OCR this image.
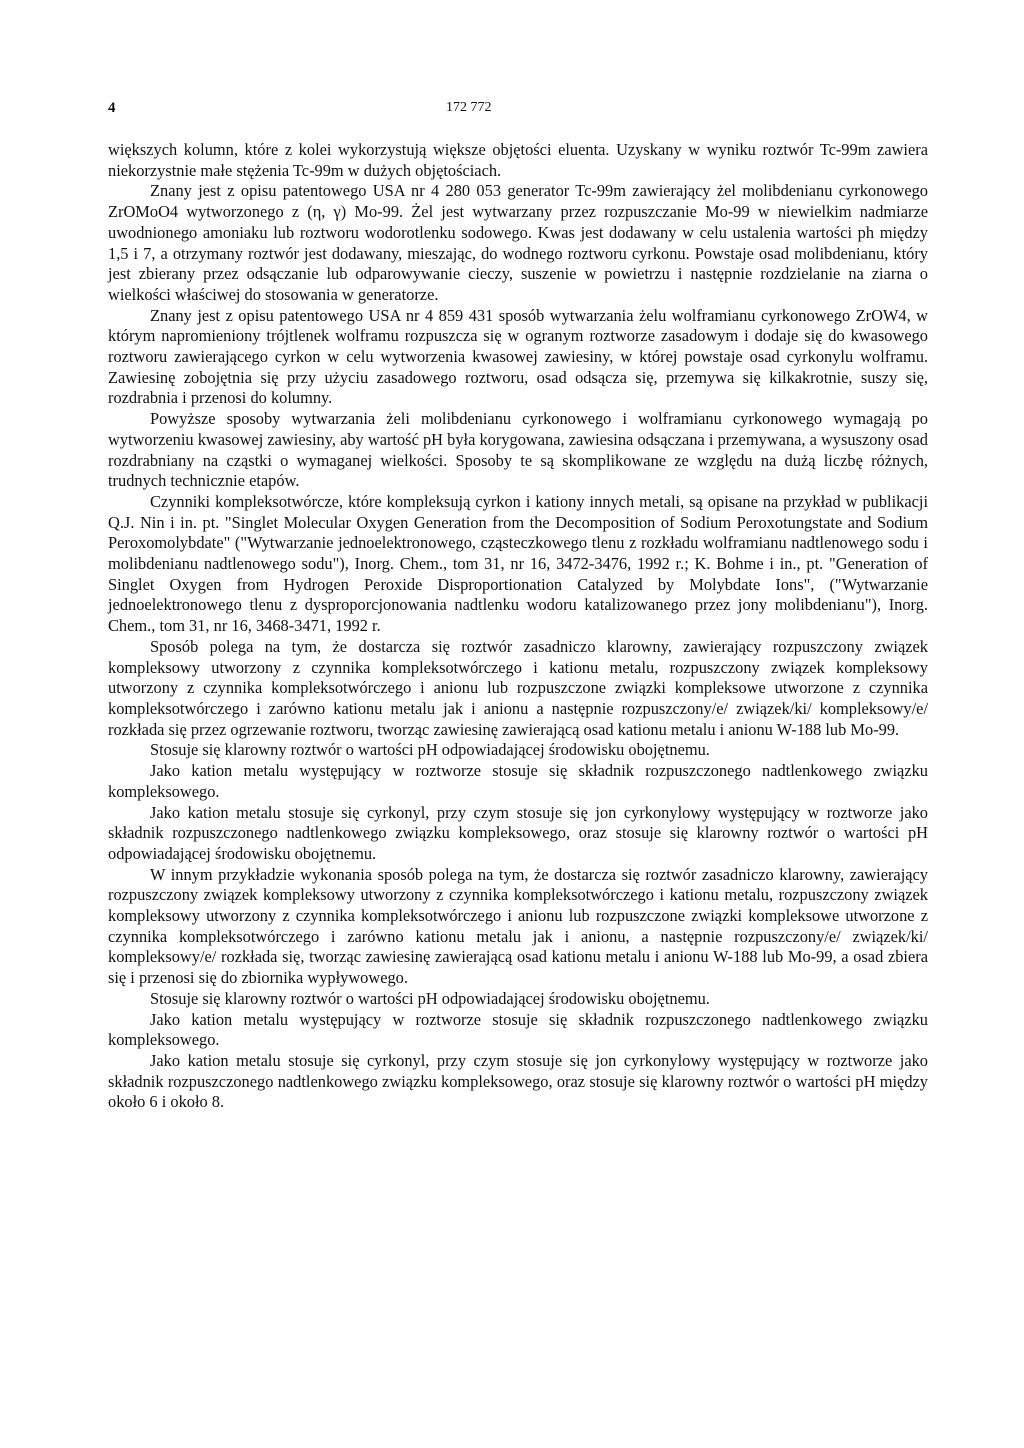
4	172 772

większych kolumn, które z kolei wykorzystują większe objętości eluenta. Uzyskany w wyniku roztwór Tc-99m zawiera niekorzystnie małe stężenia Tc-99m w dużych objętościach.

Znany jest z opisu patentowego USA nr 4 280 053 generator Tc-99m zawierający żel molibdenianu cyrkonowego ZrOMoO4 wytworzonego z (η, γ) Mo-99. Żel jest wytwarzany przez rozpuszczanie Mo-99 w niewielkim nadmiarze uwodnionego amoniaku lub roztworu wodorotlenku sodowego. Kwas jest dodawany w celu ustalenia wartości ph między 1,5 i 7, a otrzymany roztwór jest dodawany, mieszając, do wodnego roztworu cyrkonu. Powstaje osad molibdenianu, który jest zbierany przez odsączanie lub odparowywanie cieczy, suszenie w powietrzu i następnie rozdzielanie na ziarna o wielkości właściwej do stosowania w generatorze.

Znany jest z opisu patentowego USA nr 4 859 431 sposób wytwarzania żelu wolframianu cyrkonowego ZrOW4, w którym napromieniony trójtlenek wolframu rozpuszcza się w ogranym roztworze zasadowym i dodaje się do kwasowego roztworu zawierającego cyrkon w celu wytworzenia kwasowej zawiesiny, w której powstaje osad cyrkonylu wolframu. Zawiesinę zobojętnia się przy użyciu zasadowego roztworu, osad odsącza się, przemywa się kilkakrotnie, suszy się, rozdrabnia i przenosi do kolumny.

Powyższe sposoby wytwarzania żeli molibdenianu cyrkonowego i wolframianu cyrkonowego wymagają po wytworzeniu kwasowej zawiesiny, aby wartość pH była korygowana, zawiesina odsączana i przemywana, a wysuszony osad rozdrabniany na cząstki o wymaganej wielkości. Sposoby te są skomplikowane ze względu na dużą liczbę różnych, trudnych technicznie etapów.

Czynniki kompleksotwórcze, które kompleksują cyrkon i kationy innych metali, są opisane na przykład w publikacji Q.J. Nin i in. pt. "Singlet Molecular Oxygen Generation from the Decomposition of Sodium Peroxotungstate and Sodium Peroxomolybdate" ("Wytwarzanie jednoelektronowego, cząsteczkowego tlenu z rozkładu wolframianu nadtlenowego sodu i molibdenianu nadtlenowego sodu"), Inorg. Chem., tom 31, nr 16, 3472-3476, 1992 r.; K. Bohme i in., pt. "Generation of Singlet Oxygen from Hydrogen Peroxide Disproportionation Catalyzed by Molybdate Ions", ("Wytwarzanie jednoelektronowego tlenu z dysproporcjonowania nadtlenku wodoru katalizowanego przez jony molibdenianu"), Inorg. Chem., tom 31, nr 16, 3468-3471, 1992 r.

Sposób polega na tym, że dostarcza się roztwór zasadniczo klarowny, zawierający rozpuszczony związek kompleksowy utworzony z czynnika kompleksotwórczego i kationu metalu, rozpuszczony związek kompleksowy utworzony z czynnika kompleksotwórczego i anionu lub rozpuszczone związki kompleksowe utworzone z czynnika kompleksotwórczego i zarówno kationu metalu jak i anionu a następnie rozpuszczony/e/ związek/ki/ kompleksowy/e/ rozkłada się przez ogrzewanie roztworu, tworząc zawiesinę zawierającą osad kationu metalu i anionu W-188 lub Mo-99.

Stosuje się klarowny roztwór o wartości pH odpowiadającej środowisku obojętnemu.

Jako kation metalu występujący w roztworze stosuje się składnik rozpuszczonego nadtlenkowego związku kompleksowego.

Jako kation metalu stosuje się cyrkonyl, przy czym stosuje się jon cyrkonylowy występujący w roztworze jako składnik rozpuszczonego nadtlenkowego związku kompleksowego, oraz stosuje się klarowny roztwór o wartości pH odpowiadającej środowisku obojętnemu.

W innym przykładzie wykonania sposób polega na tym, że dostarcza się roztwór zasadniczo klarowny, zawierający rozpuszczony związek kompleksowy utworzony z czynnika kompleksotwórczego i kationu metalu, rozpuszczony związek kompleksowy utworzony z czynnika kompleksotwórczego i anionu lub rozpuszczone związki kompleksowe utworzone z czynnika kompleksotwórczego i zarówno kationu metalu jak i anionu, a następnie rozpuszczony/e/ związek/ki/ kompleksowy/e/ rozkłada się, tworząc zawiesinę zawierającą osad kationu metalu i anionu W-188 lub Mo-99, a osad zbiera się i przenosi się do zbiornika wypływowego.

Stosuje się klarowny roztwór o wartości pH odpowiadającej środowisku obojętnemu.

Jako kation metalu występujący w roztworze stosuje się składnik rozpuszczonego nadtlenkowego związku kompleksowego.

Jako kation metalu stosuje się cyrkonyl, przy czym stosuje się jon cyrkonylowy występujący w roztworze jako składnik rozpuszczonego nadtlenkowego związku kompleksowego, oraz stosuje się klarowny roztwór o wartości pH między około 6 i około 8.
